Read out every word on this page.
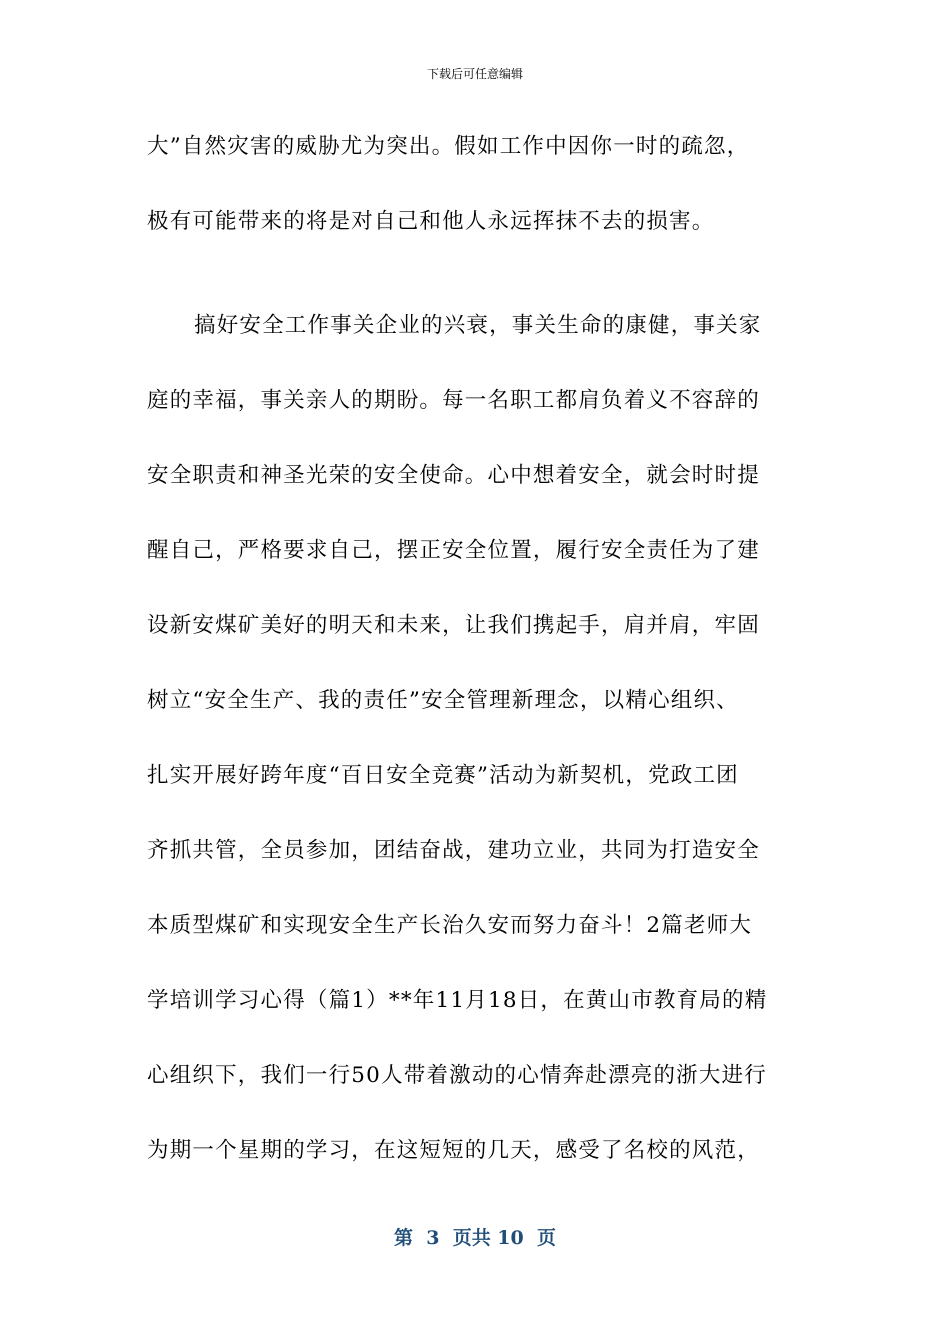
下载后可任意编辑
大”自然灾害的威胁尤为突出。假如工作中因你一时的疏忽，
极有可能带来的将是对自己和他人永远挥抹不去的损害。
搞好安全工作事关企业的兴衰，事关生命的康健，事关家
庭的幸福，事关亲人的期盼。每一名职工都肩负着义不容辞的
安全职责和神圣光荣的安全使命。心中想着安全，就会时时提
醒自己，严格要求自己，摆正安全位置，履行安全责任为了建
设新安煤矿美好的明天和未来，让我们携起手，肩并肩，牢固
树立“安全生产、我的责任”安全管理新理念，以精心组织、
扎实开展好跨年度“百日安全竞赛”活动为新契机，党政工团
齐抓共管，全员参加，团结奋战，建功立业，共同为打造安全
本质型煤矿和实现安全生产长治久安而努力奋斗！2篇老师大
学培训学习心得（篇1）**年11月18日，在黄山市教育局的精
心组织下，我们一行50人带着激动的心情奔赴漂亮的浙大进行
为期一个星期的学习，在这短短的几天，感受了名校的风范，
第  3  页共 10  页
